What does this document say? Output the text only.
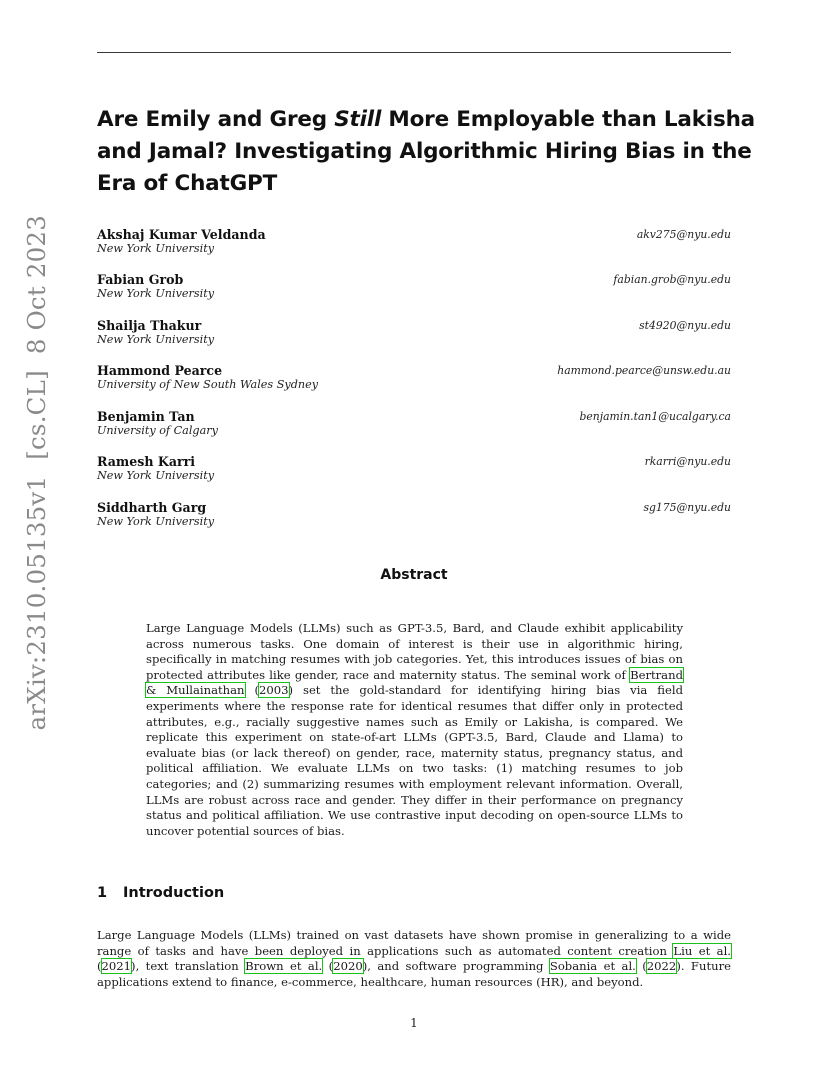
Are Emily and Greg Still More Employable than Lakisha and Jamal? Investigating Algorithmic Hiring Bias in the Era of ChatGPT
arXiv:2310.05135v1  [cs.CL]  8 Oct 2023	Akshaj Kumar Veldanda
New York University
akv275@nyu.edu
Fabian Grob
New York University
fabian.grob@nyu.edu
Shailja Thakur
New York University
st4920@nyu.edu
Hammond Pearce
University of New South Wales Sydney
hammond.pearce@unsw.edu.au
Benjamin Tan
University of Calgary
benjamin.tan1@ucalgary.ca
Ramesh Karri
New York University
rkarri@nyu.edu
Siddharth Garg
New York University
sg175@nyu.edu
Abstract
Large Language Models (LLMs) such as GPT-3.5, Bard, and Claude exhibit applicability across numerous tasks. One domain of interest is their use in algorithmic hiring, specifically in matching resumes with job categories. Yet, this introduces issues of bias on protected attributes like gender, race and maternity status. The seminal work of Bertrand & Mullainathan (2003) set the gold-standard for identifying hiring bias via field experiments where the response rate for identical resumes that differ only in protected attributes, e.g., racially suggestive names such as Emily or Lakisha, is compared. We replicate this experiment on state-of-art LLMs (GPT-3.5, Bard, Claude and Llama) to evaluate bias (or lack thereof) on gender, race, maternity status, pregnancy status, and political affiliation. We evaluate LLMs on two tasks: (1) matching resumes to job categories; and (2) summarizing resumes with employment relevant information. Overall, LLMs are robust across race and gender. They differ in their performance on pregnancy status and political affiliation. We use contrastive input decoding on open-source LLMs to uncover potential sources of bias.
1 Introduction
Large Language Models (LLMs) trained on vast datasets have shown promise in generalizing to a wide range of tasks and have been deployed in applications such as automated content creation Liu et al. (2021), text translation Brown et al. (2020), and software programming Sobania et al. (2022). Future applications extend to finance, e-commerce, healthcare, human resources (HR), and beyond.
1
